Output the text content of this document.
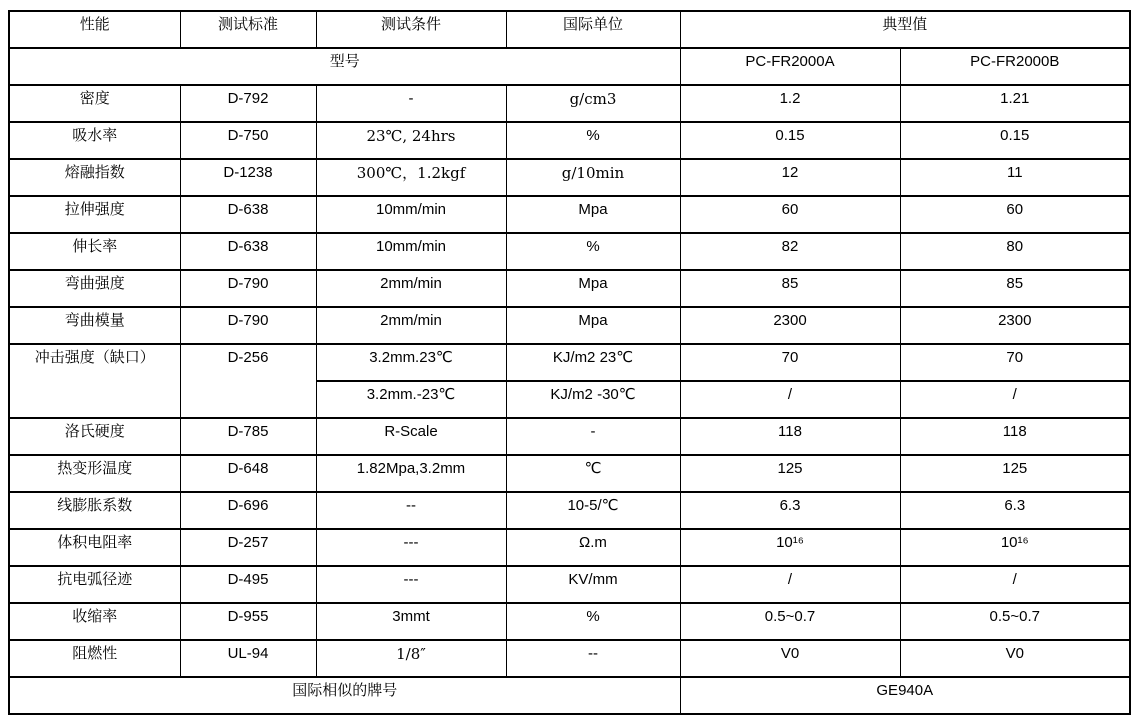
性能	测试标准	测试条件	国际单位	典型值	
型号				PC-FR2000A	PC-FR2000B
密度	D-792	-	g/cm3	1.2	1.21
吸水率	D-750	23℃, 24hrs	%	0.15	0.15
熔融指数	D-1238	300℃，1.2kgf	g/10min	12	11
拉伸强度	D-638	10mm/min	Mpa	60	60
伸长率	D-638	10mm/min	%	82	80
弯曲强度	D-790	2mm/min	Mpa	85	85
弯曲模量	D-790	2mm/min	Mpa	2300	2300
冲击强度（缺口）	D-256	3.2mm.23℃	KJ/m2 23℃	70	70
		3.2mm.-23℃	KJ/m2 -30℃	/	/
洛氏硬度	D-785	R-Scale	-	118	118
热变形温度	D-648	1.82Mpa,3.2mm	℃	125	125
线膨胀系数	D-696	--	10-5/℃	6.3	6.3
体积电阻率	D-257	---	Ω.m	10¹⁶	10¹⁶
抗电弧径迹	D-495	---	KV/mm	/	/
收缩率	D-955	3mmt	%	0.5~0.7	0.5~0.7
阻燃性	UL-94	1/8″	--	V0	V0
国际相似的牌号				GE940A	
